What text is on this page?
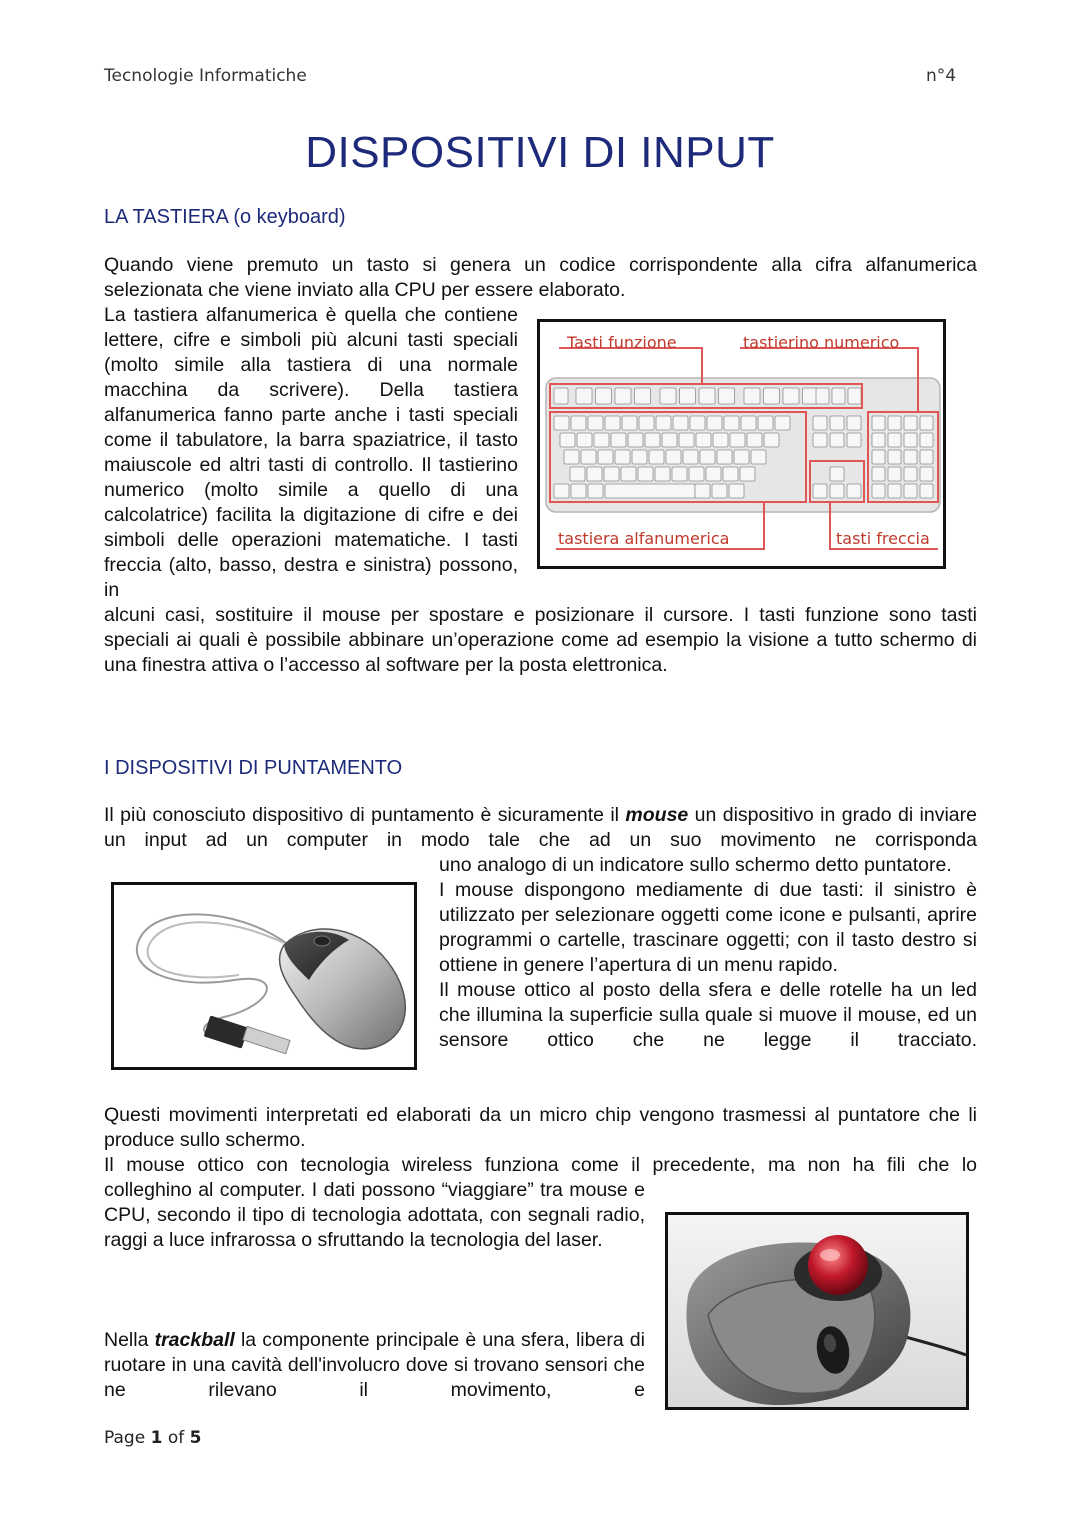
Tecnologie Informatiche	n°4
DISPOSITIVI DI INPUT
LA TASTIERA (o keyboard)

Quando viene premuto un tasto si genera un codice corrispondente alla cifra alfanumerica selezionata che viene inviato alla CPU per essere elaborato.

La tastiera alfanumerica è quella che contiene lettere, cifre e simboli più alcuni tasti speciali (molto simile alla tastiera di una normale macchina da scrivere). Della tastiera alfanumerica fanno parte anche i tasti speciali come il tabulatore, la barra spaziatrice, il tasto maiuscole ed altri tasti di controllo. Il tastierino numerico (molto simile a quello di una calcolatrice) facilita la digitazione di cifre e dei simboli delle operazioni matematiche. I tasti freccia (alto, basso, destra e sinistra) possono, in

Tasti funzione	tastierino numerico
tastiera alfanumerica	tasti freccia

alcuni casi, sostituire il mouse per spostare e posizionare il cursore. I tasti funzione sono tasti speciali ai quali è possibile abbinare un’operazione come ad esempio la visione a tutto schermo di una finestra attiva o l’accesso al software per la posta elettronica.

I DISPOSITIVI DI PUNTAMENTO

Il più conosciuto dispositivo di puntamento è sicuramente il mouse un dispositivo in grado di inviare un input ad un computer in modo tale che ad un suo movimento ne corrisponda

uno analogo di un indicatore sullo schermo detto puntatore.

I mouse dispongono mediamente di due tasti: il sinistro è utilizzato per selezionare oggetti come icone e pulsanti, aprire programmi o cartelle, trascinare oggetti; con il tasto destro si ottiene in genere l’apertura di un menu rapido.

Il mouse ottico al posto della sfera e delle rotelle ha un led che illumina la superficie sulla quale si muove il mouse, ed un sensore ottico che ne legge il tracciato.

Questi movimenti interpretati ed elaborati da un micro chip vengono trasmessi al puntatore che li produce sullo schermo.

Il mouse ottico con tecnologia wireless funziona come il precedente, ma non ha fili che lo

colleghino al computer. I dati possono “viaggiare” tra mouse e CPU, secondo il tipo di tecnologia adottata, con segnali radio, raggi a luce infrarossa o sfruttando la tecnologia del laser.

Nella trackball la componente principale è una sfera, libera di ruotare in una cavità dell'involucro dove si trovano sensori che ne rilevano il movimento, e

Page 1 of 5
